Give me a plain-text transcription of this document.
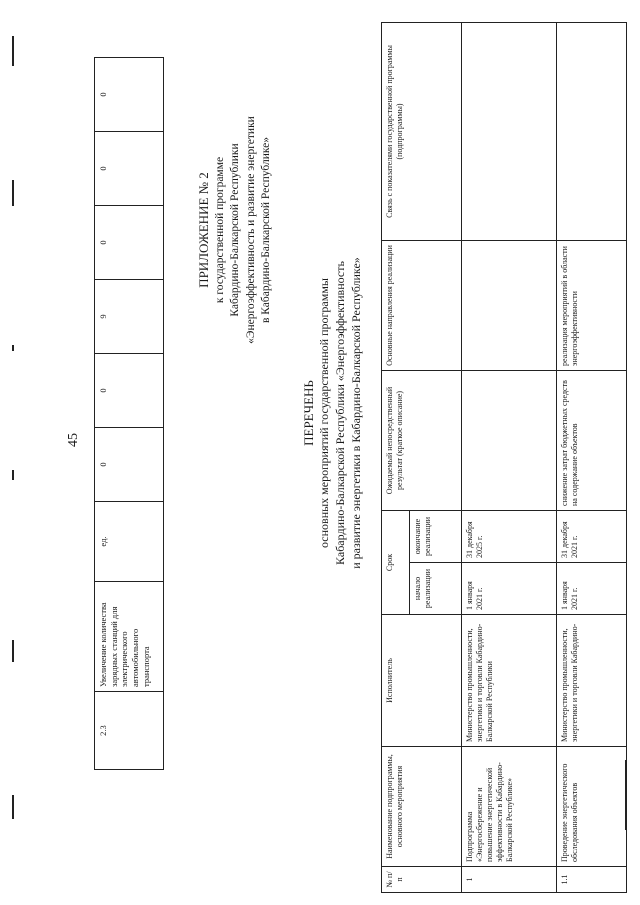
45
2.3	Увеличение количества зарядных станций для электрического автомобильного транспорта	ед.	0	0	9	0	0	0
ПРИЛОЖЕНИЕ № 2 к государственной программе Кабардино-Балкарской Республики «Энергоэффективность и развитие энергетики в Кабардино-Балкарской Республике»
ПЕРЕЧЕНЬ основных мероприятий государственной программы Кабардино-Балкарской Республики «Энергоэффективность и развитие энергетики в Кабардино-Балкарской Республике»
№ п/п	Наименование подпрограммы, основного мероприятия	Исполнитель	Срок		Ожидаемый непосредственный результат (краткое описание)	Основные направления реализации	Связь с показателями государственной программы (подпрограммы)
			начало реализации	окончание реализации			
1	Подпрограмма «Энергосбережение и повышение энергетической эффективности в Кабардино-Балкарской Республике»	Министерство промышленности, энергетики и торговли Кабардино-Балкарской Республики	1 января 2021 г.	31 декабря 2025 г.			
1.1	Проведение энергетического обследования объектов	Министерство промышленности, энергетики и торговли Кабардино-	1 января 2021 г.	31 декабря 2021 г.	снижение затрат бюджетных средств на содержание объектов	реализация мероприятий в области энергоэффективности	
